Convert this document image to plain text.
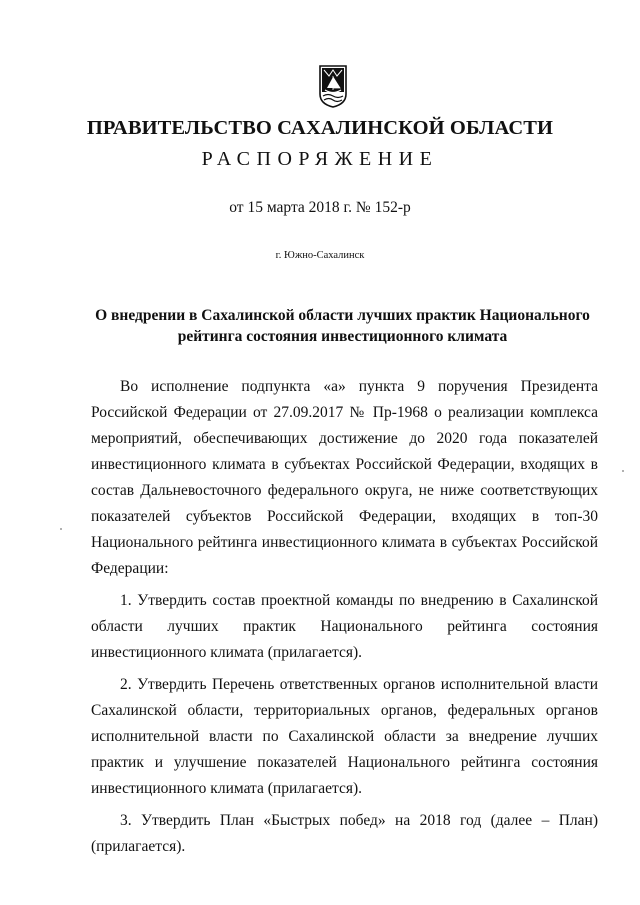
ПРАВИТЕЛЬСТВО САХАЛИНСКОЙ ОБЛАСТИ
РАСПОРЯЖЕНИЕ
от 15 марта 2018 г. № 152-р
г. Южно-Сахалинск
О внедрении в Сахалинской области лучших практик Национального рейтинга состояния инвестиционного климата

Во исполнение подпункта «а» пункта 9 поручения Президента Российской Федерации от 27.09.2017 № Пр-1968 о реализации комплекса мероприятий, обеспечивающих достижение до 2020 года показателей инвестиционного климата в субъектах Российской Федерации, входящих в состав Дальневосточного федерального округа, не ниже соответствующих показателей субъектов Российской Федерации, входящих в топ-30 Национального рейтинга инвестиционного климата в субъектах Российской Федерации:

1. Утвердить состав проектной команды по внедрению в Сахалинской области лучших практик Национального рейтинга состояния инвестиционного климата (прилагается).

2. Утвердить Перечень ответственных органов исполнительной власти Сахалинской области, территориальных органов, федеральных органов исполнительной власти по Сахалинской области за внедрение лучших практик и улучшение показателей Национального рейтинга состояния инвестиционного климата (прилагается).

3. Утвердить План «Быстрых побед» на 2018 год (далее – План) (прилагается).
